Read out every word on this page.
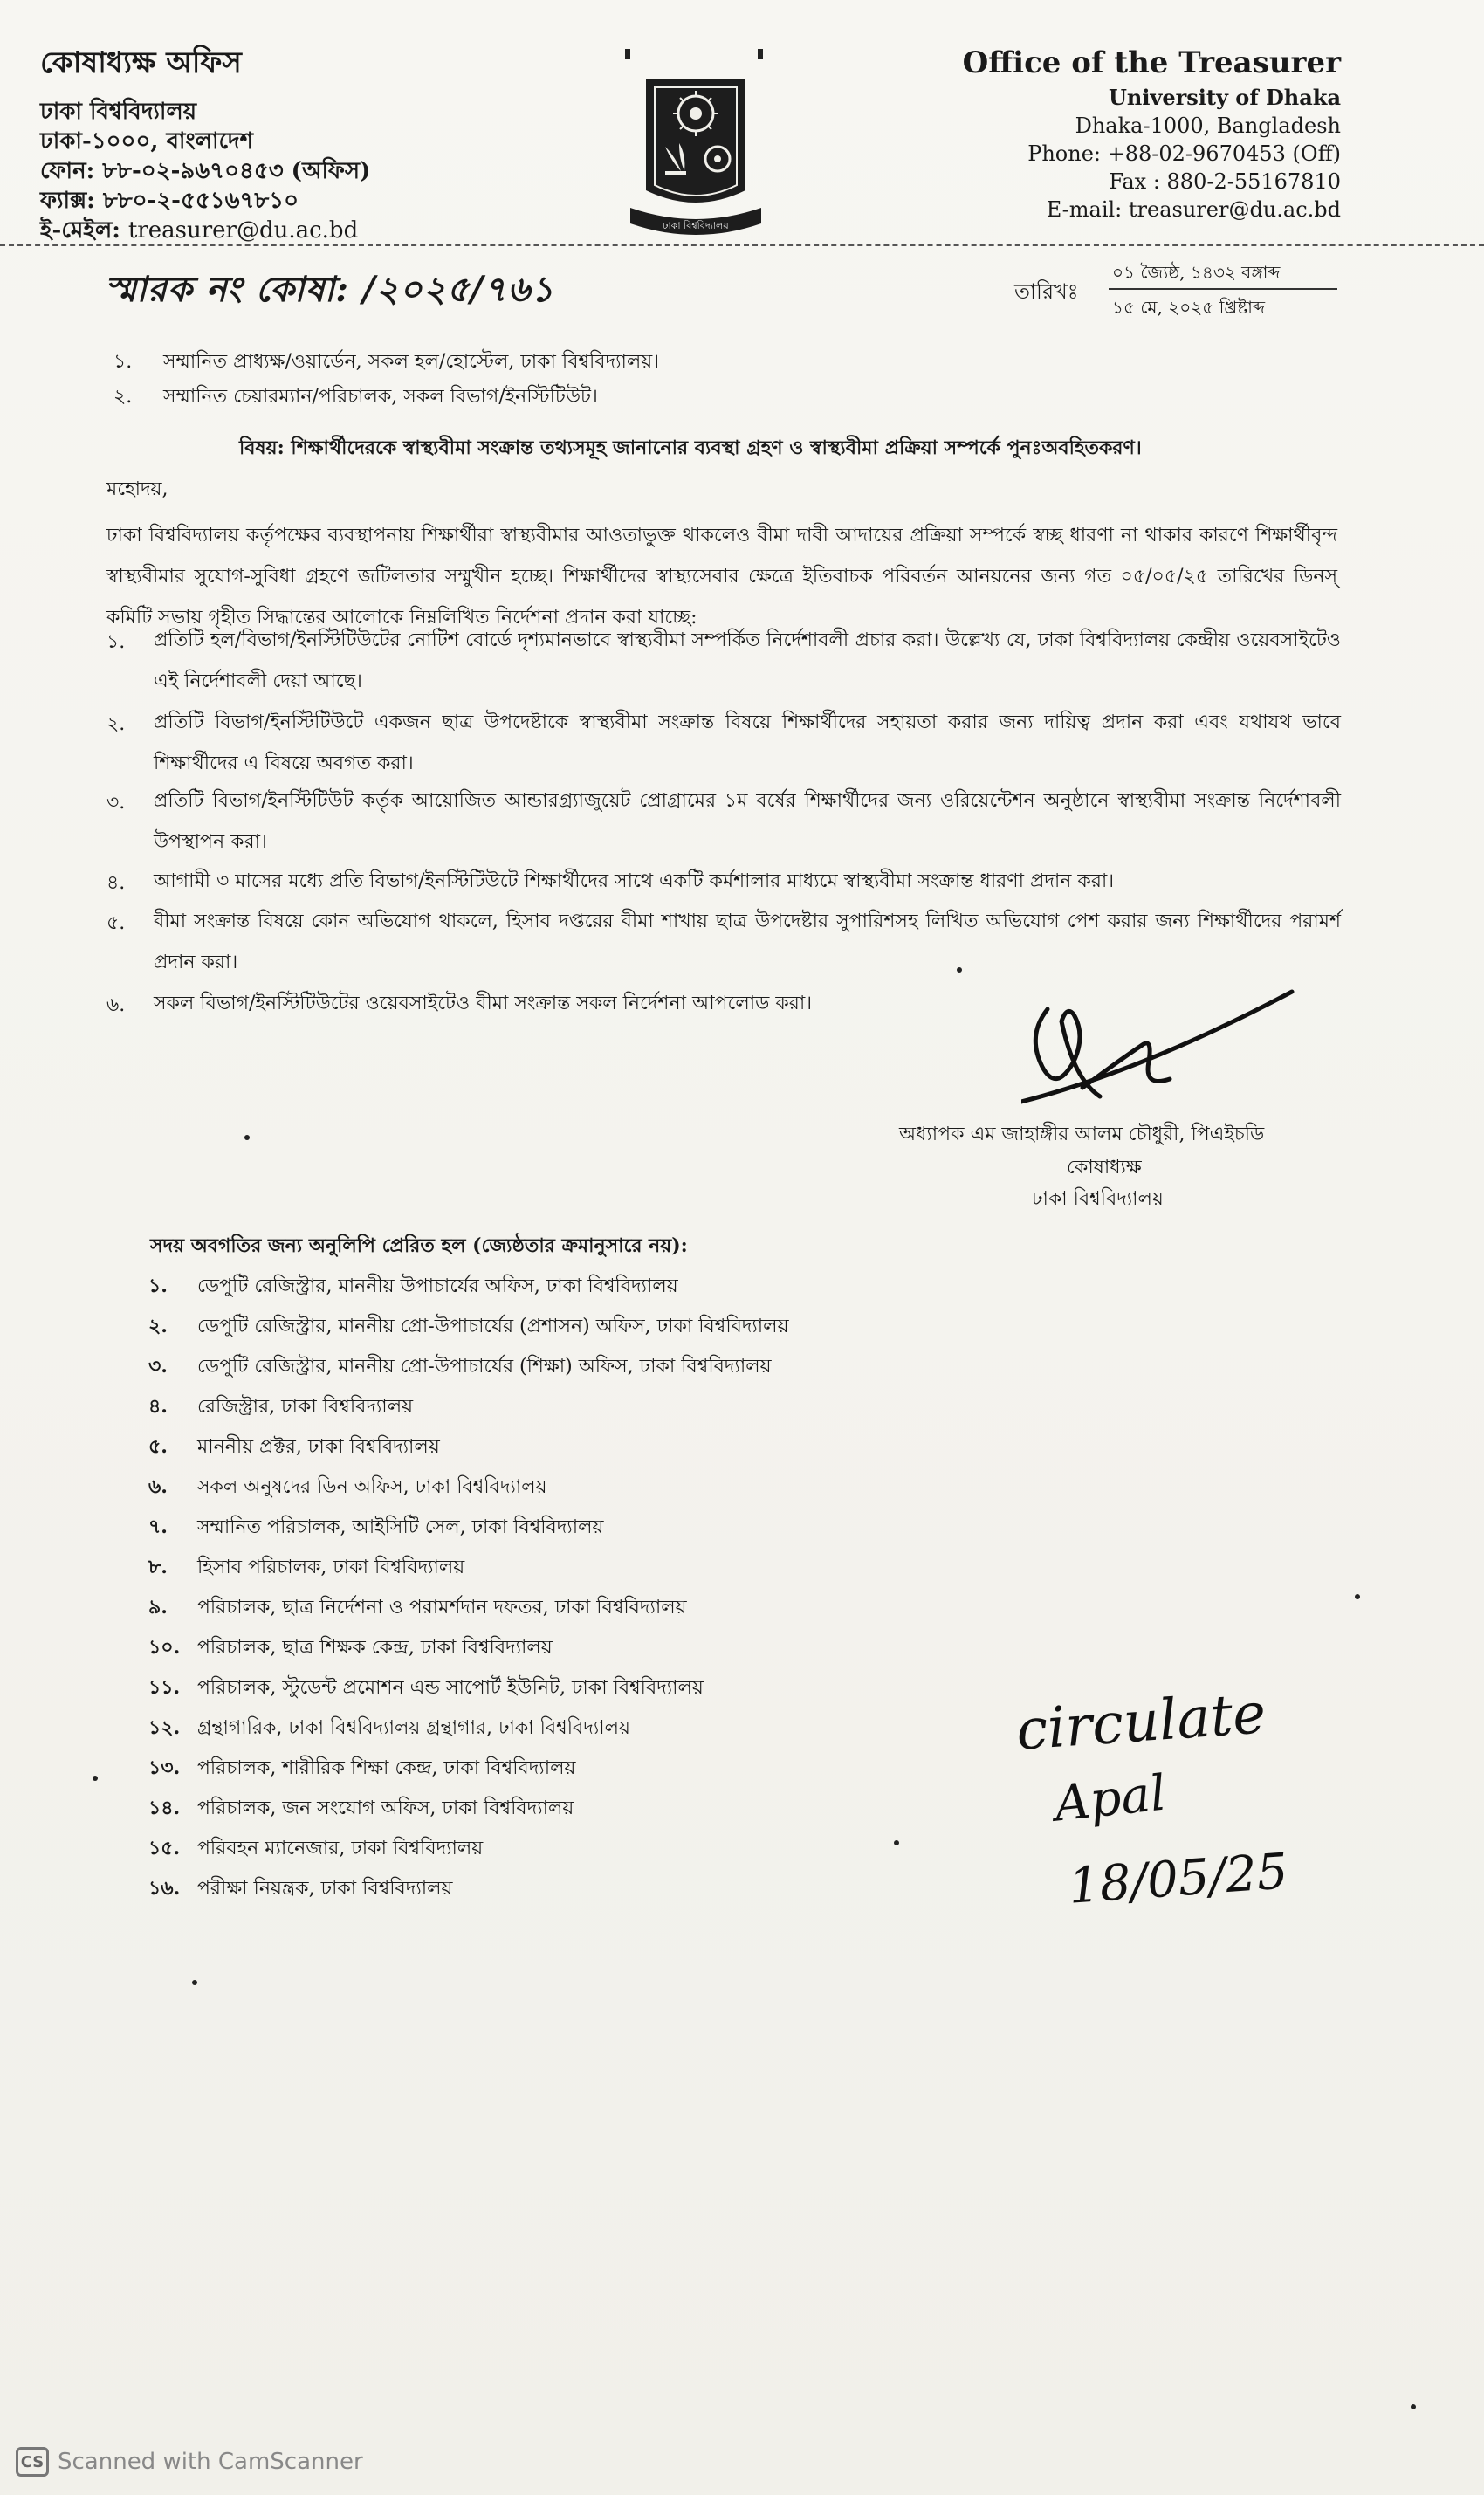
কোষাধ্যক্ষ অফিস
ঢাকা বিশ্ববিদ্যালয়
ঢাকা-১০০০, বাংলাদেশ
ফোন: ৮৮-০২-৯৬৭০৪৫৩ (অফিস)
ফ্যাক্স: ৮৮০-২-৫৫১৬৭৮১০
ই-মেইল: treasurer@du.ac.bd	ঢাকা বিশ্ববিদ্যালয়
Office of the Treasurer
University of Dhaka
Dhaka-1000, Bangladesh
Phone: +88-02-9670453 (Off)
Fax : 880-2-55167810
E-mail: treasurer@du.ac.bd
স্মারক নং কোষা: /২০২৫/৭৬১	তারিখঃ
০১ জ্যৈষ্ঠ, ১৪৩২ বঙ্গাব্দ
১৫ মে, ২০২৫ খ্রিষ্টাব্দ
১. সম্মানিত প্রাধ্যক্ষ/ওয়ার্ডেন, সকল হল/হোস্টেল, ঢাকা বিশ্ববিদ্যালয়।
২. সম্মানিত চেয়ারম্যান/পরিচালক, সকল বিভাগ/ইনস্টিটিউট।
বিষয়: শিক্ষার্থীদেরকে স্বাস্থ্যবীমা সংক্রান্ত তথ্যসমূহ জানানোর ব্যবস্থা গ্রহণ ও স্বাস্থ্যবীমা প্রক্রিয়া সম্পর্কে পুনঃঅবহিতকরণ।
মহোদয়,
ঢাকা বিশ্ববিদ্যালয় কর্তৃপক্ষের ব্যবস্থাপনায় শিক্ষার্থীরা স্বাস্থ্যবীমার আওতাভুক্ত থাকলেও বীমা দাবী আদায়ের প্রক্রিয়া সম্পর্কে স্বচ্ছ ধারণা না থাকার কারণে শিক্ষার্থীবৃন্দ স্বাস্থ্যবীমার সুযোগ-সুবিধা গ্রহণে জটিলতার সম্মুখীন হচ্ছে। শিক্ষার্থীদের স্বাস্থ্যসেবার ক্ষেত্রে ইতিবাচক পরিবর্তন আনয়নের জন্য গত ০৫/০৫/২৫ তারিখের ডিনস্ কমিটি সভায় গৃহীত সিদ্ধান্তের আলোকে নিম্নলিখিত নির্দেশনা প্রদান করা যাচ্ছে:
১. প্রতিটি হল/বিভাগ/ইনস্টিটিউটের নোটিশ বোর্ডে দৃশ্যমানভাবে স্বাস্থ্যবীমা সম্পর্কিত নির্দেশাবলী প্রচার করা। উল্লেখ্য যে, ঢাকা বিশ্ববিদ্যালয় কেন্দ্রীয় ওয়েবসাইটেও এই নির্দেশাবলী দেয়া আছে।
২. প্রতিটি বিভাগ/ইনস্টিটিউটে একজন ছাত্র উপদেষ্টাকে স্বাস্থ্যবীমা সংক্রান্ত বিষয়ে শিক্ষার্থীদের সহায়তা করার জন্য দায়িত্ব প্রদান করা এবং যথাযথ ভাবে শিক্ষার্থীদের এ বিষয়ে অবগত করা।
৩. প্রতিটি বিভাগ/ইনস্টিটিউট কর্তৃক আয়োজিত আন্ডারগ্র্যাজুয়েট প্রোগ্রামের ১ম বর্ষের শিক্ষার্থীদের জন্য ওরিয়েন্টেশন অনুষ্ঠানে স্বাস্থ্যবীমা সংক্রান্ত নির্দেশাবলী উপস্থাপন করা।
৪. আগামী ৩ মাসের মধ্যে প্রতি বিভাগ/ইনস্টিটিউটে শিক্ষার্থীদের সাথে একটি কর্মশালার মাধ্যমে স্বাস্থ্যবীমা সংক্রান্ত ধারণা প্রদান করা।
৫. বীমা সংক্রান্ত বিষয়ে কোন অভিযোগ থাকলে, হিসাব দপ্তরের বীমা শাখায় ছাত্র উপদেষ্টার সুপারিশসহ লিখিত অভিযোগ পেশ করার জন্য শিক্ষার্থীদের পরামর্শ প্রদান করা।
৬. সকল বিভাগ/ইনস্টিটিউটের ওয়েবসাইটেও বীমা সংক্রান্ত সকল নির্দেশনা আপলোড করা।
অধ্যাপক এম জাহাঙ্গীর আলম চৌধুরী, পিএইচডি
কোষাধ্যক্ষ
ঢাকা বিশ্ববিদ্যালয়
সদয় অবগতির জন্য অনুলিপি প্রেরিত হল (জ্যেষ্ঠতার ক্রমানুসারে নয়):
১. ডেপুটি রেজিস্ট্রার, মাননীয় উপাচার্যের অফিস, ঢাকা বিশ্ববিদ্যালয়
২. ডেপুটি রেজিস্ট্রার, মাননীয় প্রো-উপাচার্যের (প্রশাসন) অফিস, ঢাকা বিশ্ববিদ্যালয়
৩. ডেপুটি রেজিস্ট্রার, মাননীয় প্রো-উপাচার্যের (শিক্ষা) অফিস, ঢাকা বিশ্ববিদ্যালয়
৪. রেজিস্ট্রার, ঢাকা বিশ্ববিদ্যালয়
৫. মাননীয় প্রক্টর, ঢাকা বিশ্ববিদ্যালয়
৬. সকল অনুষদের ডিন অফিস, ঢাকা বিশ্ববিদ্যালয়
৭. সম্মানিত পরিচালক, আইসিটি সেল, ঢাকা বিশ্ববিদ্যালয়
৮. হিসাব পরিচালক, ঢাকা বিশ্ববিদ্যালয়
৯. পরিচালক, ছাত্র নির্দেশনা ও পরামর্শদান দফতর, ঢাকা বিশ্ববিদ্যালয়
১০. পরিচালক, ছাত্র শিক্ষক কেন্দ্র, ঢাকা বিশ্ববিদ্যালয়
১১. পরিচালক, স্টুডেন্ট প্রমোশন এন্ড সাপোর্ট ইউনিট, ঢাকা বিশ্ববিদ্যালয়
১২. গ্রন্থাগারিক, ঢাকা বিশ্ববিদ্যালয় গ্রন্থাগার, ঢাকা বিশ্ববিদ্যালয়
১৩. পরিচালক, শারীরিক শিক্ষা কেন্দ্র, ঢাকা বিশ্ববিদ্যালয়
১৪. পরিচালক, জন সংযোগ অফিস, ঢাকা বিশ্ববিদ্যালয়
১৫. পরিবহন ম্যানেজার, ঢাকা বিশ্ববিদ্যালয়
১৬. পরীক্ষা নিয়ন্ত্রক, ঢাকা বিশ্ববিদ্যালয়
circulate
Apal
18/05/25
CS Scanned with CamScanner
